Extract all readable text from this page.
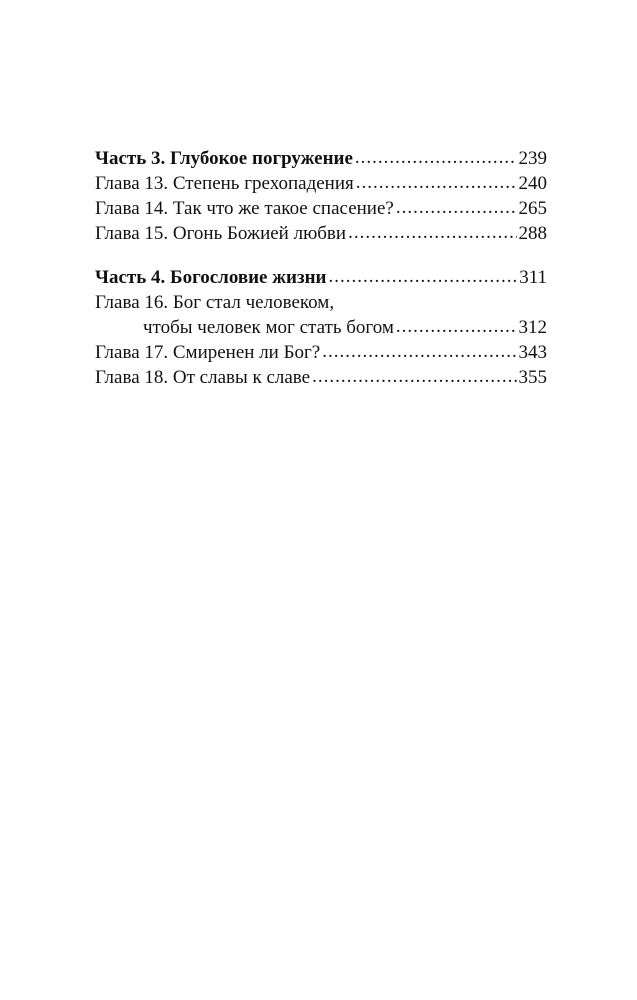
Часть 3. Глубокое погружение .....	239
Глава 13. Степень грехопадения .....	240
Глава 14. Так что же такое спасение? .....	265
Глава 15. Огонь Божией любви .....	288
Часть 4. Богословие жизни .....	311
Глава 16. Бог стал человеком,
чтобы человек мог стать богом .....	312
Глава 17. Смиренен ли Бог? .....	343
Глава 18. От славы к славе .....	355
